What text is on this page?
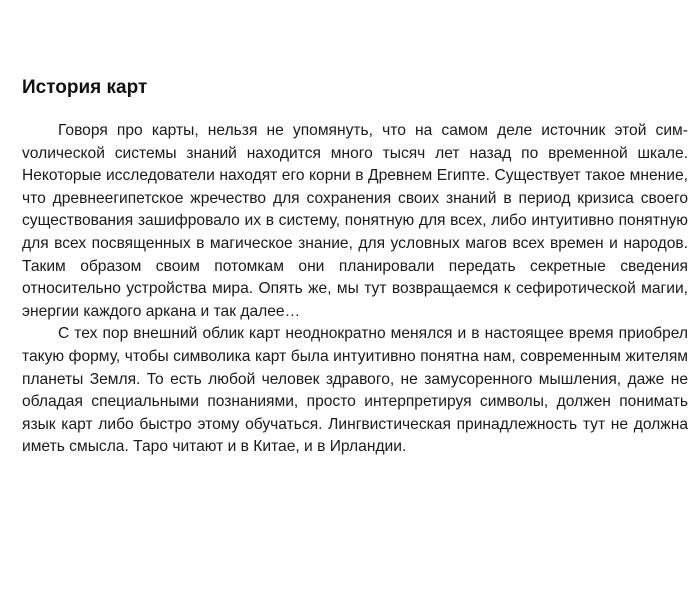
История карт

Говоря про карты, нельзя не упомянуть, что на самом деле источник этой симvолической системы знаний находится много тысяч лет назад по временной шкале. Некоторые исследователи находят его корни в Древнем Египте. Существует такое мнение, что древнеегипетское жречество для сохранения своих знаний в период кризиса своего существования зашифровало их в систему, понятную для всех, либо интуитивно понятную для всех посвященных в магическое знание, для условных магов всех времен и народов. Таким образом своим потомкам они планировали передать секретные сведения относительно устройства мира. Опять же, мы тут возвращаемся к сефиротической магии, энергии каждого аркана и так далее…

С тех пор внешний облик карт неоднократно менялся и в настоящее время приобрел такую форму, чтобы символика карт была интуитивно понятна нам, современным жителям планеты Земля. То есть любой человек здравого, не замусоренного мышления, даже не обладая специальными познаниями, просто интерпретируя символы, должен понимать язык карт либо быстро этому обучаться. Лингвистическая принадлежность тут не должна иметь смысла. Таро читают и в Китае, и в Ирландии.
